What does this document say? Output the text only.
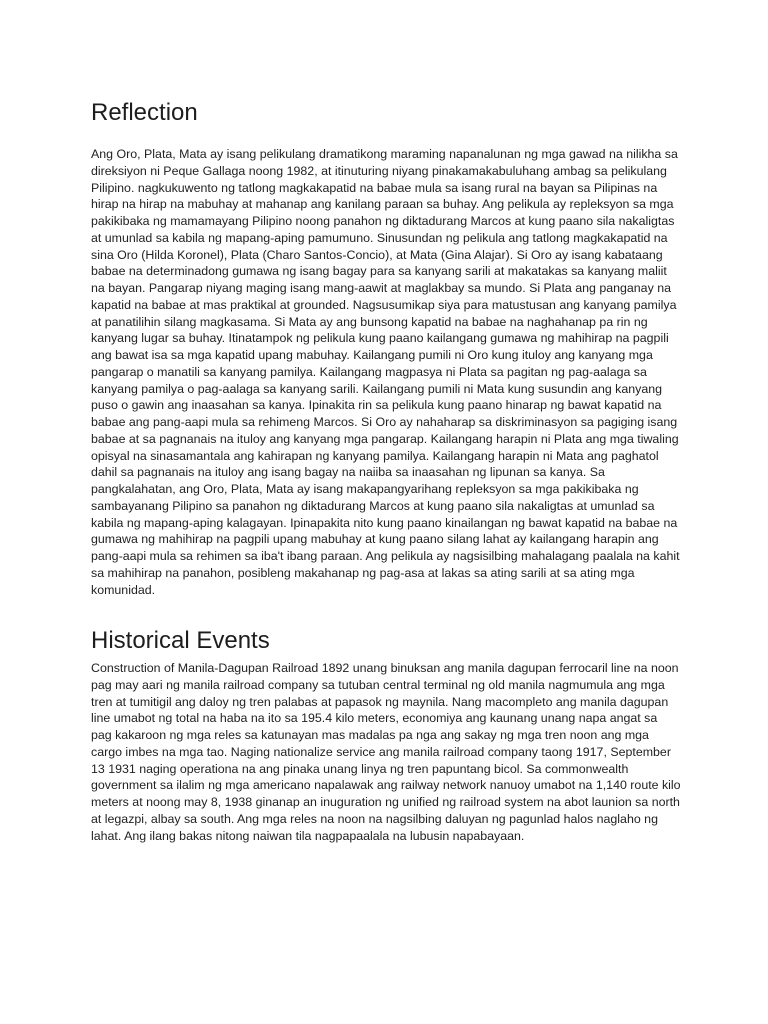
Reflection

Ang Oro, Plata, Mata ay isang pelikulang dramatikong maraming napanalunan ng mga gawad na nilikha sa direksiyon ni Peque Gallaga noong 1982, at itinuturing niyang pinakamakabuluhang ambag sa pelikulang Pilipino. nagkukuwento ng tatlong magkakapatid na babae mula sa isang rural na bayan sa Pilipinas na hirap na hirap na mabuhay at mahanap ang kanilang paraan sa buhay. Ang pelikula ay repleksyon sa mga pakikibaka ng mamamayang Pilipino noong panahon ng diktadurang Marcos at kung paano sila nakaligtas at umunlad sa kabila ng mapang-aping pamumuno. Sinusundan ng pelikula ang tatlong magkakapatid na sina Oro (Hilda Koronel), Plata (Charo Santos-Concio), at Mata (Gina Alajar). Si Oro ay isang kabataang babae na determinadong gumawa ng isang bagay para sa kanyang sarili at makatakas sa kanyang maliit na bayan. Pangarap niyang maging isang mang-aawit at maglakbay sa mundo. Si Plata ang panganay na kapatid na babae at mas praktikal at grounded. Nagsusumikap siya para matustusan ang kanyang pamilya at panatilihin silang magkasama. Si Mata ay ang bunsong kapatid na babae na naghahanap pa rin ng kanyang lugar sa buhay. Itinatampok ng pelikula kung paano kailangang gumawa ng mahihirap na pagpili ang bawat isa sa mga kapatid upang mabuhay. Kailangang pumili ni Oro kung ituloy ang kanyang mga pangarap o manatili sa kanyang pamilya. Kailangang magpasya ni Plata sa pagitan ng pag-aalaga sa kanyang pamilya o pag-aalaga sa kanyang sarili. Kailangang pumili ni Mata kung susundin ang kanyang puso o gawin ang inaasahan sa kanya. Ipinakita rin sa pelikula kung paano hinarap ng bawat kapatid na babae ang pang-aapi mula sa rehimeng Marcos. Si Oro ay nahaharap sa diskriminasyon sa pagiging isang babae at sa pagnanais na ituloy ang kanyang mga pangarap. Kailangang harapin ni Plata ang mga tiwaling opisyal na sinasamantala ang kahirapan ng kanyang pamilya. Kailangang harapin ni Mata ang paghatol dahil sa pagnanais na ituloy ang isang bagay na naiiba sa inaasahan ng lipunan sa kanya. Sa pangkalahatan, ang Oro, Plata, Mata ay isang makapangyarihang repleksyon sa mga pakikibaka ng sambayanang Pilipino sa panahon ng diktadurang Marcos at kung paano sila nakaligtas at umunlad sa kabila ng mapang-aping kalagayan. Ipinapakita nito kung paano kinailangan ng bawat kapatid na babae na gumawa ng mahihirap na pagpili upang mabuhay at kung paano silang lahat ay kailangang harapin ang pang-aapi mula sa rehimen sa iba't ibang paraan. Ang pelikula ay nagsisilbing mahalagang paalala na kahit sa mahihirap na panahon, posibleng makahanap ng pag-asa at lakas sa ating sarili at sa ating mga komunidad.

Historical Events

Construction of Manila-Dagupan Railroad 1892 unang binuksan ang manila dagupan ferrocaril line na noon pag may aari ng manila railroad company sa tutuban central terminal ng old manila nagmumula ang mga tren at tumitigil ang daloy ng tren palabas at papasok ng maynila. Nang macompleto ang manila dagupan line umabot ng total na haba na ito sa 195.4 kilo meters, economiya ang kaunang unang napa angat sa pag kakaroon ng mga reles sa katunayan mas madalas pa nga ang sakay ng mga tren noon ang mga cargo imbes na mga tao. Naging nationalize service ang manila railroad company taong 1917, September 13 1931 naging operationa na ang pinaka unang linya ng tren papuntang bicol. Sa commonwealth government sa ilalim ng mga americano napalawak ang railway network nanuoy umabot na 1,140 route kilo meters at noong may 8, 1938 ginanap an inuguration ng unified ng railroad system na abot launion sa north at legazpi, albay sa south. Ang mga reles na noon na nagsilbing daluyan ng pagunlad halos naglaho ng lahat. Ang ilang bakas nitong naiwan tila nagpapaalala na lubusin napabayaan.
